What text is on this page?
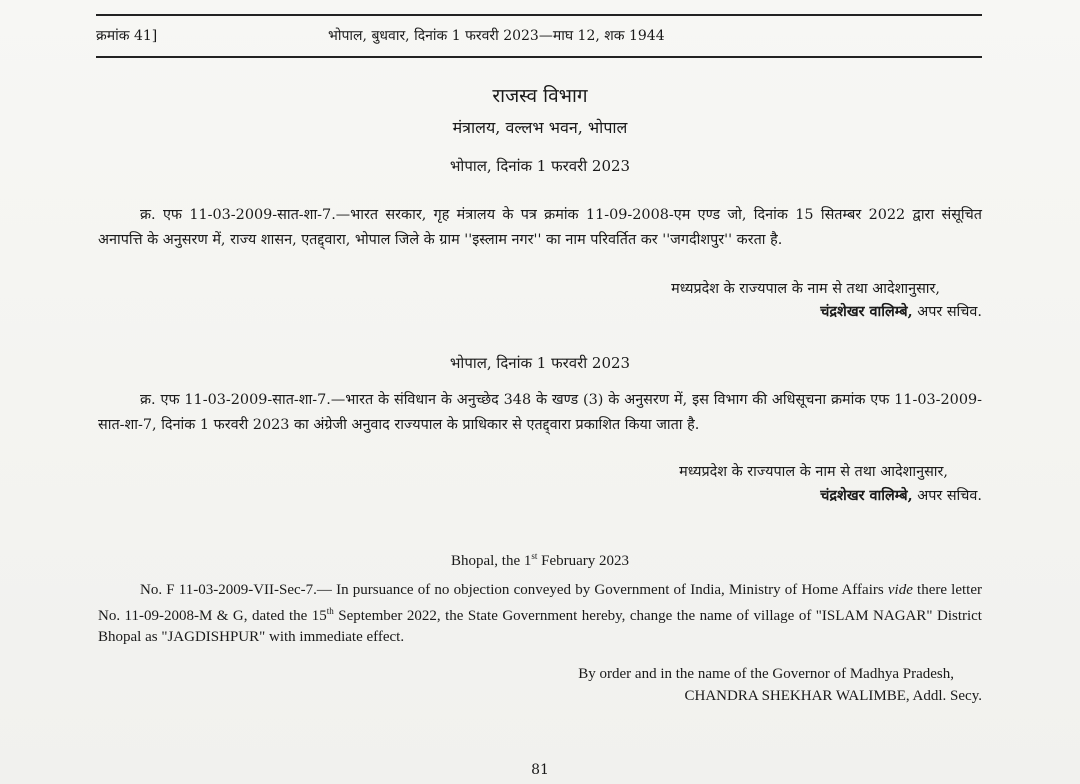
क्रमांक 41]	भोपाल, बुधवार, दिनांक 1 फरवरी 2023—माघ 12, शक 1944
राजस्व विभाग
मंत्रालय, वल्लभ भवन, भोपाल
भोपाल, दिनांक 1 फरवरी 2023
क्र. एफ 11-03-2009-सात-शा-7.—भारत सरकार, गृह मंत्रालय के पत्र क्रमांक 11-09-2008-एम एण्ड जो, दिनांक 15 सितम्बर 2022 द्वारा संसूचित अनापत्ति के अनुसरण में, राज्य शासन, एतद्द्वारा, भोपाल जिले के ग्राम ''इस्लाम नगर'' का नाम परिवर्तित कर ''जगदीशपुर'' करता है.
मध्यप्रदेश के राज्यपाल के नाम से तथा आदेशानुसार,
चंद्रशेखर वालिम्बे, अपर सचिव.
भोपाल, दिनांक 1 फरवरी 2023
क्र. एफ 11-03-2009-सात-शा-7.—भारत के संविधान के अनुच्छेद 348 के खण्ड (3) के अनुसरण में, इस विभाग की अधिसूचना क्रमांक एफ 11-03-2009-सात-शा-7, दिनांक 1 फरवरी 2023 का अंग्रेजी अनुवाद राज्यपाल के प्राधिकार से एतद्द्वारा प्रकाशित किया जाता है.
मध्यप्रदेश के राज्यपाल के नाम से तथा आदेशानुसार,
चंद्रशेखर वालिम्बे, अपर सचिव.
Bhopal, the 1st February 2023
No. F 11-03-2009-VII-Sec-7.— In pursuance of no objection conveyed by Government of India, Ministry of Home Affairs vide there letter No. 11-09-2008-M & G, dated the 15th September 2022, the State Government hereby, change the name of village of "ISLAM NAGAR" District Bhopal as "JAGDISHPUR" with immediate effect.
By order and in the name of the Governor of Madhya Pradesh,
CHANDRA SHEKHAR WALIMBE, Addl. Secy.
81
